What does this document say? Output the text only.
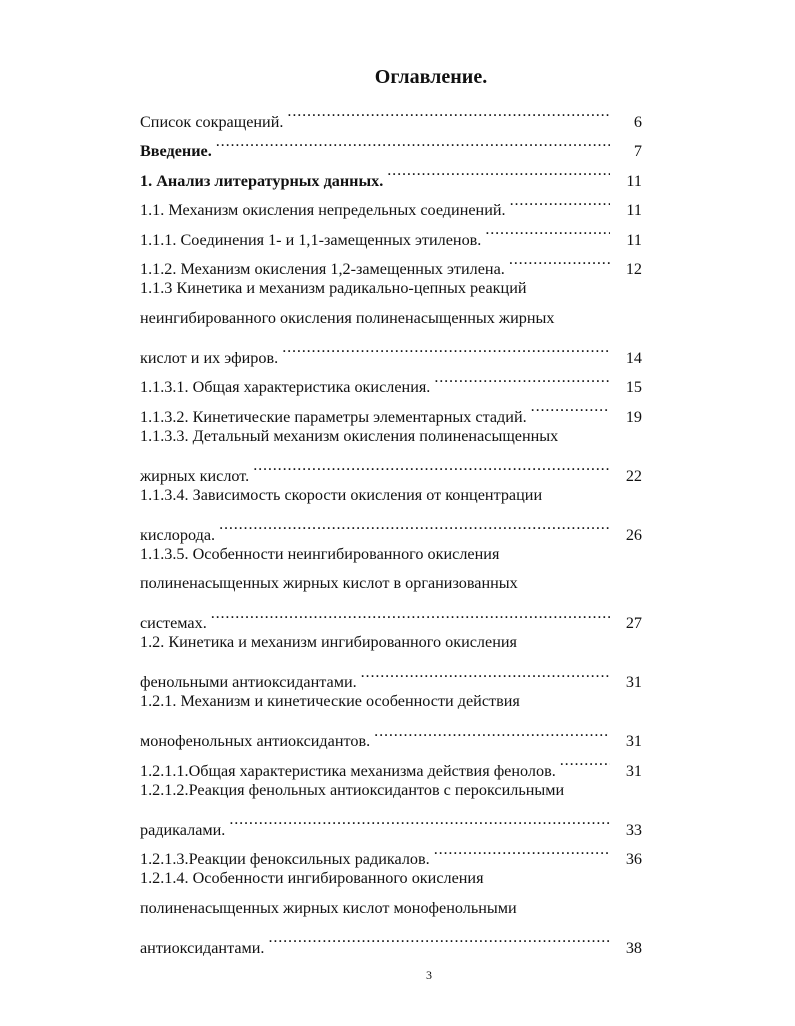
Оглавление.
Список сокращений. . . .	6
Введение. . . .	7
1. Анализ литературных данных. . . .	11
1.1. Механизм окисления непредельных соединений. . . .	11
1.1.1. Соединения 1- и 1,1-замещенных этиленов. . . .	11
1.1.2. Механизм окисления 1,2-замещенных этилена. . . .	12
1.1.3 Кинетика и механизм радикально-цепных реакций
неингибированного окисления полиненасыщенных жирных
кислот и их эфиров. . . .	14
1.1.3.1. Общая характеристика окисления. . . .	15
1.1.3.2. Кинетические параметры элементарных стадий. . . .	19
1.1.3.3. Детальный механизм окисления полиненасыщенных
жирных кислот. . . .	22
1.1.3.4. Зависимость скорости окисления от концентрации
кислорода. . . .	26
1.1.3.5. Особенности неингибированного окисления
полиненасыщенных жирных кислот в организованных
системах. . . .	27
1.2. Кинетика и механизм ингибированного окисления
фенольными антиоксидантами. . . .	31
1.2.1. Механизм и кинетические особенности действия
монофенольных антиоксидантов. . . .	31
1.2.1.1.Общая характеристика механизма действия фенолов. . . .	31
1.2.1.2.Реакция фенольных антиоксидантов с пероксильными
радикалами. . . .	33
1.2.1.3.Реакции феноксильных радикалов. . . .	36
1.2.1.4. Особенности ингибированного окисления
полиненасыщенных жирных кислот монофенольными
антиоксидантами. . . .	38
3
